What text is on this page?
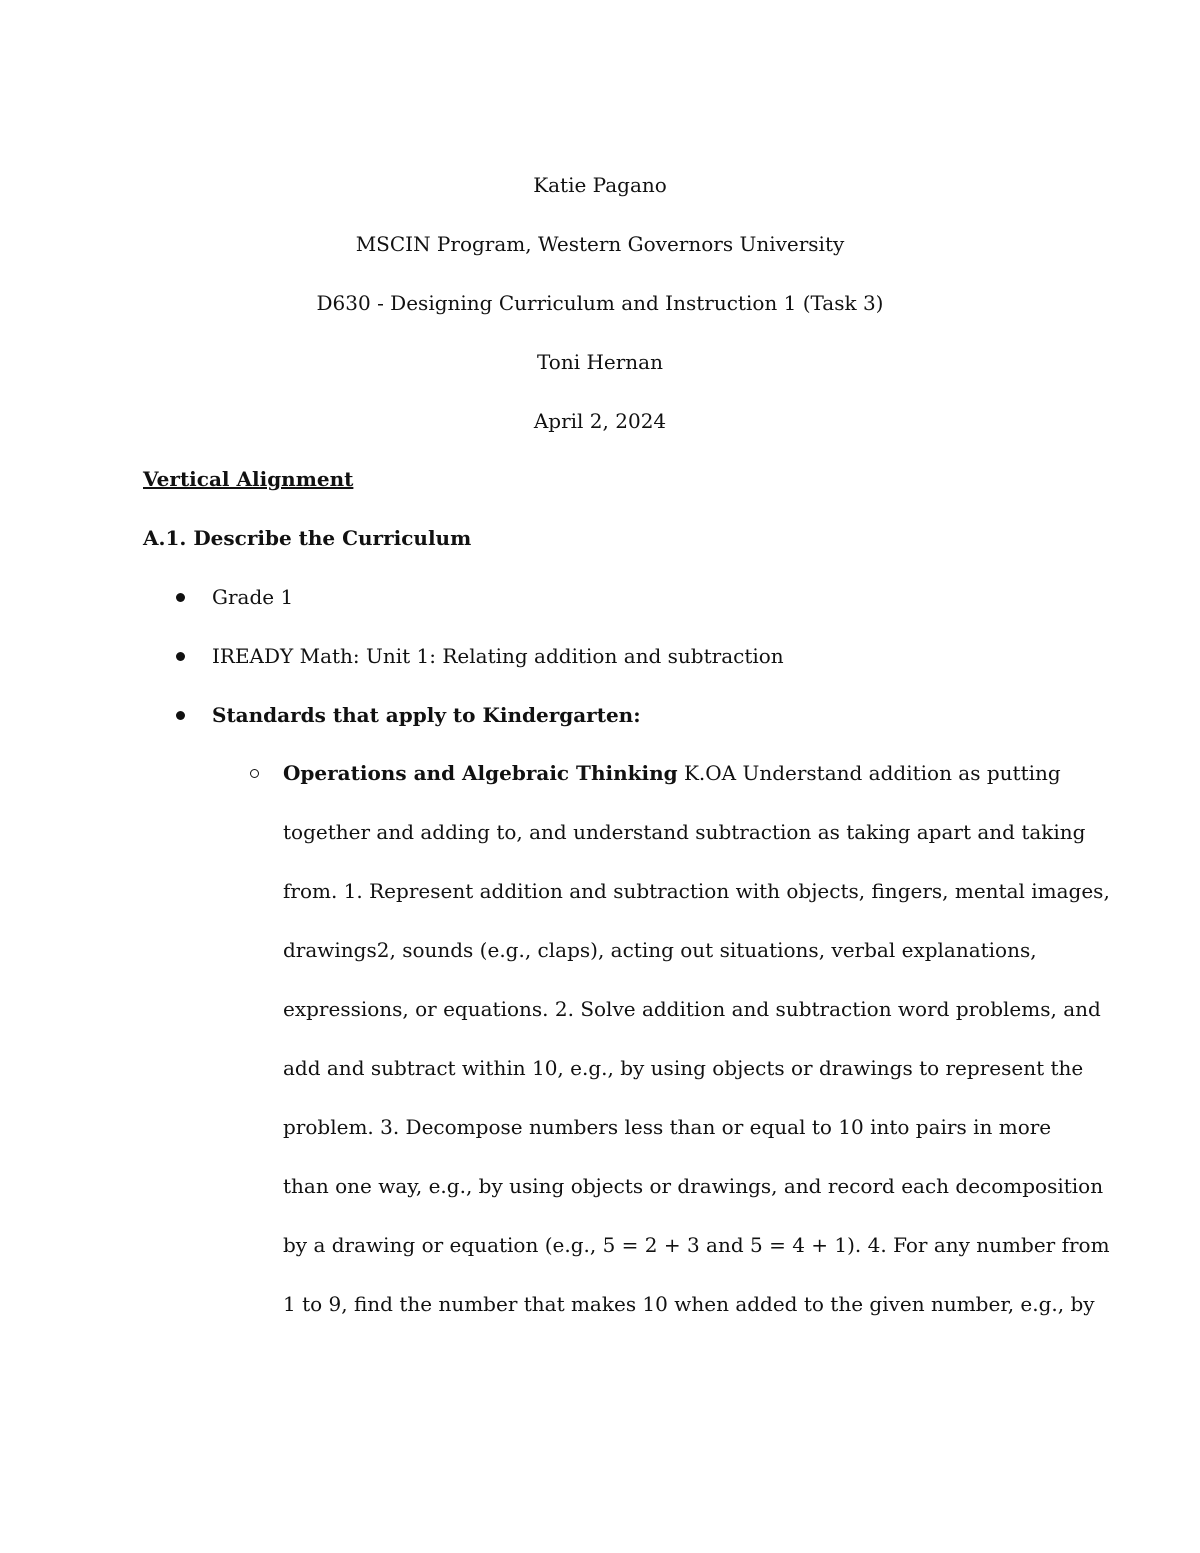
Katie Pagano
MSCIN Program, Western Governors University
D630 - Designing Curriculum and Instruction 1 (Task 3)
Toni Hernan
April 2, 2024
Vertical Alignment
A.1. Describe the Curriculum
Grade 1
IREADY Math: Unit 1: Relating addition and subtraction
Standards that apply to Kindergarten:
Operations and Algebraic Thinking K.OA Understand addition as putting
together and adding to, and understand subtraction as taking apart and taking
from. 1. Represent addition and subtraction with objects, fingers, mental images,
drawings2, sounds (e.g., claps), acting out situations, verbal explanations,
expressions, or equations. 2. Solve addition and subtraction word problems, and
add and subtract within 10, e.g., by using objects or drawings to represent the
problem. 3. Decompose numbers less than or equal to 10 into pairs in more
than one way, e.g., by using objects or drawings, and record each decomposition
by a drawing or equation (e.g., 5 = 2 + 3 and 5 = 4 + 1). 4. For any number from
1 to 9, find the number that makes 10 when added to the given number, e.g., by
